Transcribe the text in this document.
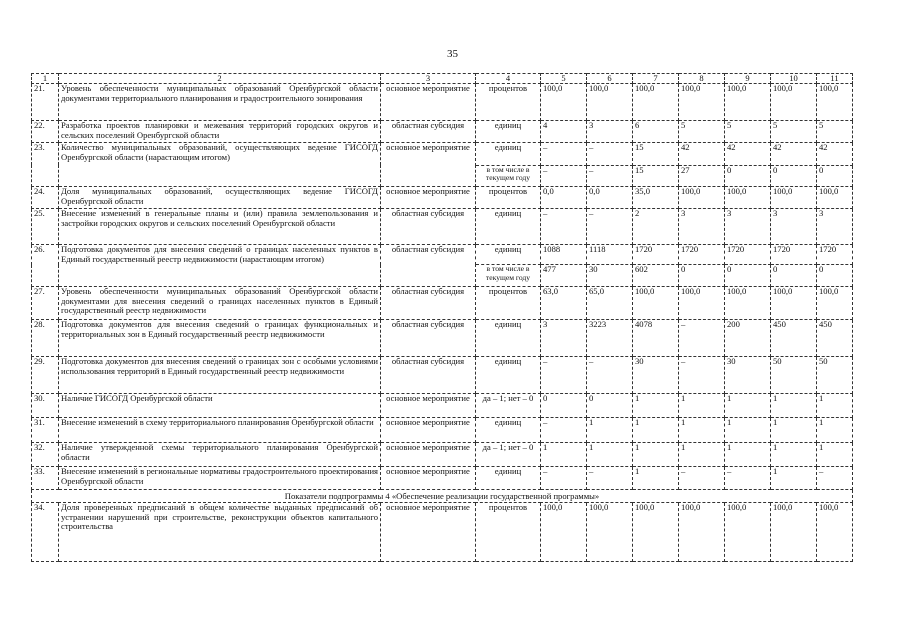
35
1	2	3	4	5	6	7	8	9	10	11
21.	Уровень обеспеченности муниципальных образований Оренбургской области документами территориального планирования и градостроительного зонирования	основное мероприятие	процентов	100,0	100,0	100,0	100,0	100,0	100,0	100,0
22.	Разработка проектов планировки и межевания территорий городских округов и сельских поселений Оренбургской области	областная субсидия	единиц	4	3	6	5	5	5	5
23.	Количество муниципальных образований, осуществляющих ведение ГИСОГД Оренбургской области (нарастающим итогом)	основное мероприятие	единиц	–	–	15	42	42	42	42
			в том числе в текущем году	–	–	15	27	0	0	0
24.	Доля муниципальных образований, осуществляющих ведение ГИСОГД Оренбургской области	основное мероприятие	процентов	0,0	0,0	35,0	100,0	100,0	100,0	100,0
25.	Внесение изменений в генеральные планы и (или) правила землепользования и застройки городских округов и сельских поселений Оренбургской области	областная субсидия	единиц	–	–	2	3	3	3	3
26.	Подготовка документов для внесения сведений о границах населенных пунктов в Единый государственный реестр недвижимости (нарастающим итогом)	областная субсидия	единиц	1088	1118	1720	1720	1720	1720	1720
			в том числе в текущем году	477	30	602	0	0	0	0
27.	Уровень обеспеченности муниципальных образований Оренбургской области документами для внесения сведений о границах населенных пунктов в Единый государственный реестр недвижимости	областная субсидия	процентов	63,0	65,0	100,0	100,0	100,0	100,0	100,0
28.	Подготовка документов для внесения сведений о границах функциональных и территориальных зон в Единый государственный реестр недвижимости	областная субсидия	единиц	3	3223	4078	–	200	450	450
29.	Подготовка документов для внесения сведений о границах зон с особыми условиями использования территорий в Единый государственный реестр недвижимости	областная субсидия	единиц	–	–	30	–	30	50	50
30.	Наличие ГИСОГД Оренбургской области	основное мероприятие	да – 1; нет – 0	0	0	1	1	1	1	1
31.	Внесение изменений в схему территориального планирования Оренбургской области	основное мероприятие	единиц	–	1	1	1	1	1	1
32.	Наличие утвержденной схемы территориального планирования Оренбургской области	основное мероприятие	да – 1; нет – 0	1	1	1	1	1	1	1
33.	Внесение изменений в региональные нормативы градостроительного проектирования Оренбургской области	основное мероприятие	единиц	–	–	1	–	–	1	–
Показатели подпрограммы 4 «Обеспечение реализации государственной программы»										
34.	Доля проверенных предписаний в общем количестве выданных предписаний об устранении нарушений при строительстве, реконструкции объектов капитального строительства	основное мероприятие	процентов	100,0	100,0	100,0	100,0	100,0	100,0	100,0
